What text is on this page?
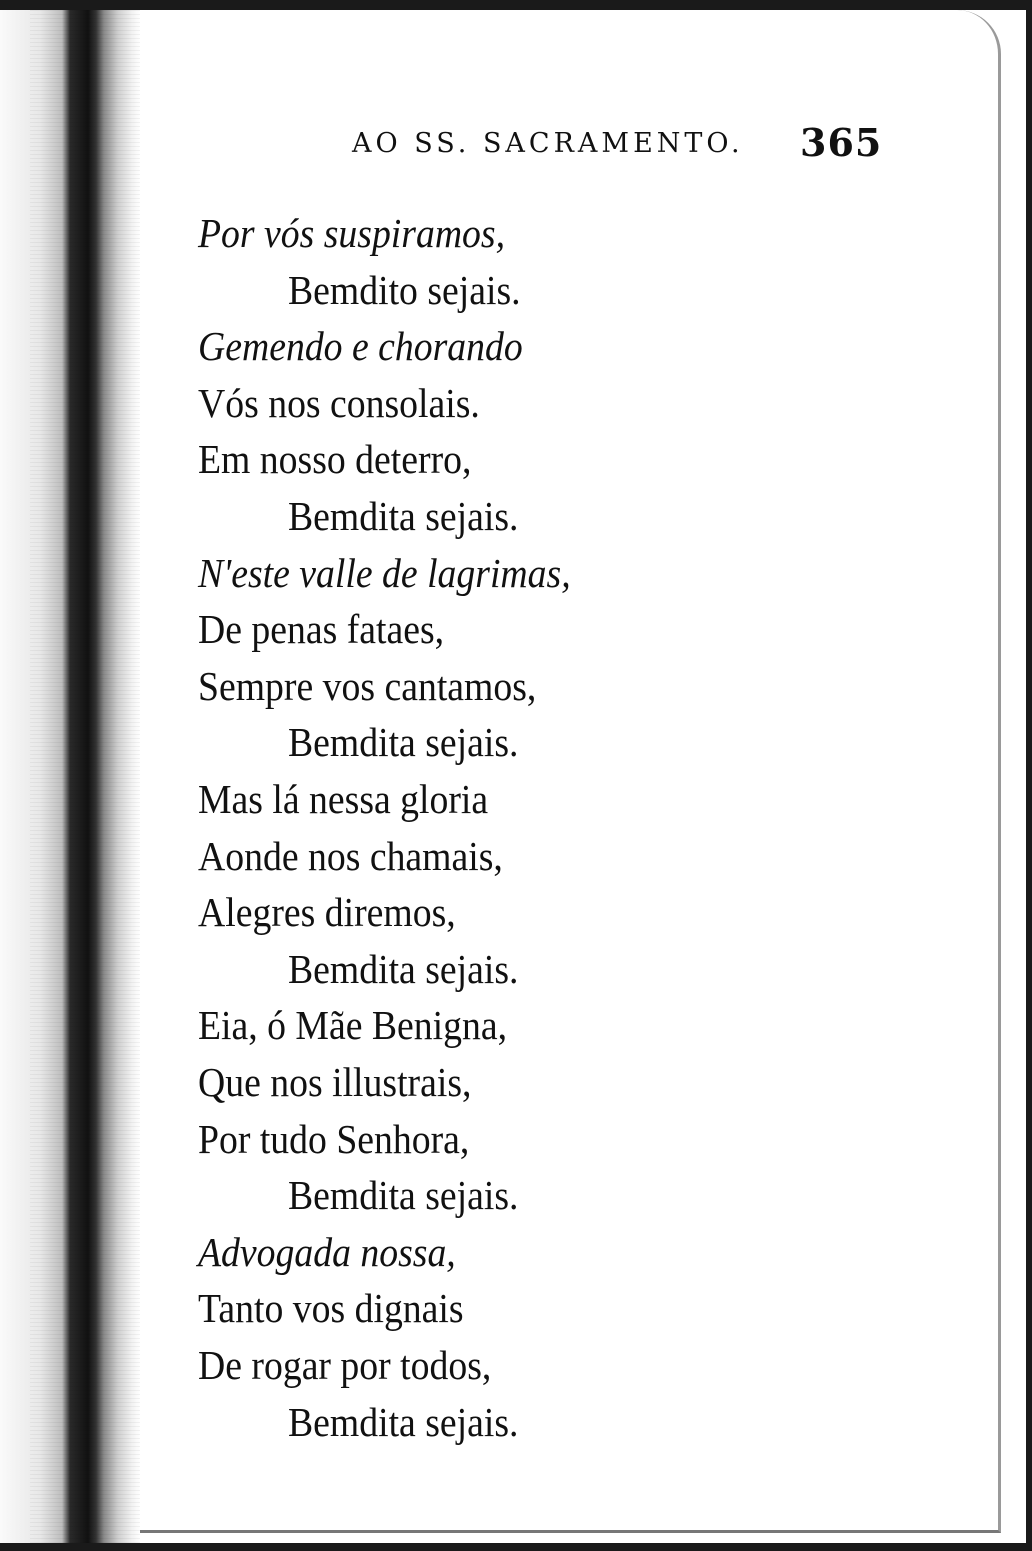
AO SS. SACRAMENTO. 365
Por vós suspiramos,
Bemdito sejais.
Gemendo e chorando
Vós nos consolais.
Em nosso deterro,
Bemdita sejais.
N'este valle de lagrimas,
De penas fataes,
Sempre vos cantamos,
Bemdita sejais.
Mas lá nessa gloria
Aonde nos chamais,
Alegres diremos,
Bemdita sejais.
Eia, ó Mãe Benigna,
Que nos illustrais,
Por tudo Senhora,
Bemdita sejais.
Advogada nossa,
Tanto vos dignais
De rogar por todos,
Bemdita sejais.
